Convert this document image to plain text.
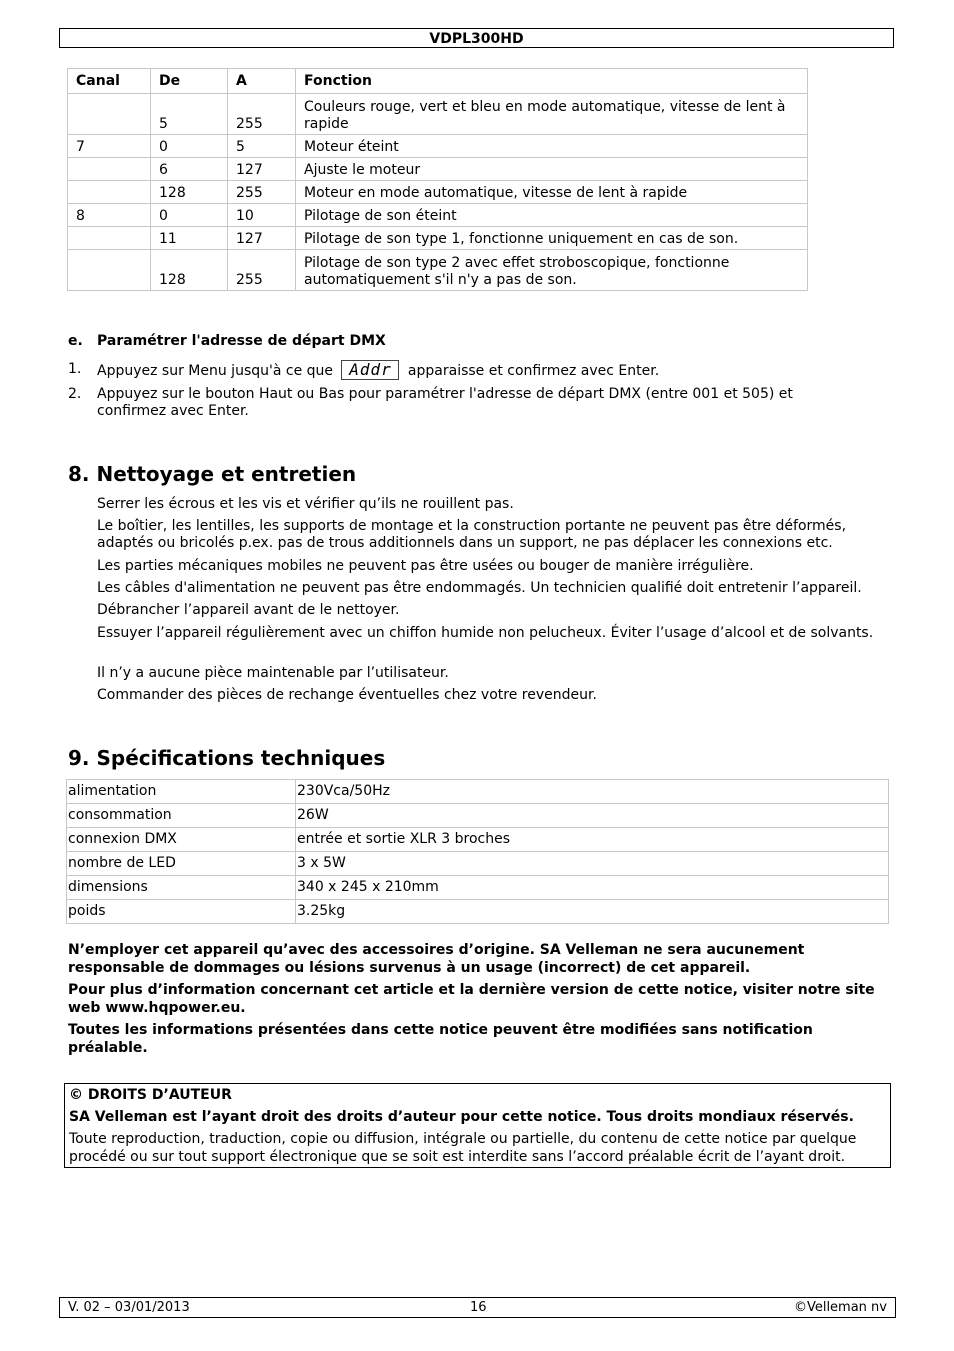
VDPL300HD
Canal	De	A	Fonction
	5	255	Couleurs rouge, vert et bleu en mode automatique, vitesse de lent à rapide
7	0	5	Moteur éteint
	6	127	Ajuste le moteur
	128	255	Moteur en mode automatique, vitesse de lent à rapide
8	0	10	Pilotage de son éteint
	11	127	Pilotage de son type 1, fonctionne uniquement en cas de son.
	128	255	Pilotage de son type 2 avec effet stroboscopique, fonctionne automatiquement s'il n'y a pas de son.
e. Paramétrer l'adresse de départ DMX
1. Appuyez sur Menu jusqu'à ce que Addr apparaisse et confirmez avec Enter.
2. Appuyez sur le bouton Haut ou Bas pour paramétrer l'adresse de départ DMX (entre 001 et 505) et confirmez avec Enter.
8. Nettoyage et entretien
Serrer les écrous et les vis et vérifier qu’ils ne rouillent pas.
Le boîtier, les lentilles, les supports de montage et la construction portante ne peuvent pas être déformés, adaptés ou bricolés p.ex. pas de trous additionnels dans un support, ne pas déplacer les connexions etc.
Les parties mécaniques mobiles ne peuvent pas être usées ou bouger de manière irrégulière.
Les câbles d'alimentation ne peuvent pas être endommagés. Un technicien qualifié doit entretenir l’appareil.
Débrancher l’appareil avant de le nettoyer.
Essuyer l’appareil régulièrement avec un chiffon humide non pelucheux. Éviter l’usage d’alcool et de solvants.
Il n’y a aucune pièce maintenable par l’utilisateur.
Commander des pièces de rechange éventuelles chez votre revendeur.
9. Spécifications techniques
alimentation	230Vca/50Hz
consommation	26W
connexion DMX	entrée et sortie XLR 3 broches
nombre de LED	3 x 5W
dimensions	340 x 245 x 210mm
poids	3.25kg
N’employer cet appareil qu’avec des accessoires d’origine. SA Velleman ne sera aucunement responsable de dommages ou lésions survenus à un usage (incorrect) de cet appareil.
Pour plus d’information concernant cet article et la dernière version de cette notice, visiter notre site web www.hqpower.eu.
Toutes les informations présentées dans cette notice peuvent être modifiées sans notification préalable.
© DROITS D’AUTEUR
SA Velleman est l’ayant droit des droits d’auteur pour cette notice. Tous droits mondiaux réservés.
Toute reproduction, traduction, copie ou diffusion, intégrale ou partielle, du contenu de cette notice par quelque procédé ou sur tout support électronique que se soit est interdite sans l’accord préalable écrit de l’ayant droit.
V. 02 – 03/01/2013	16	©Velleman nv
